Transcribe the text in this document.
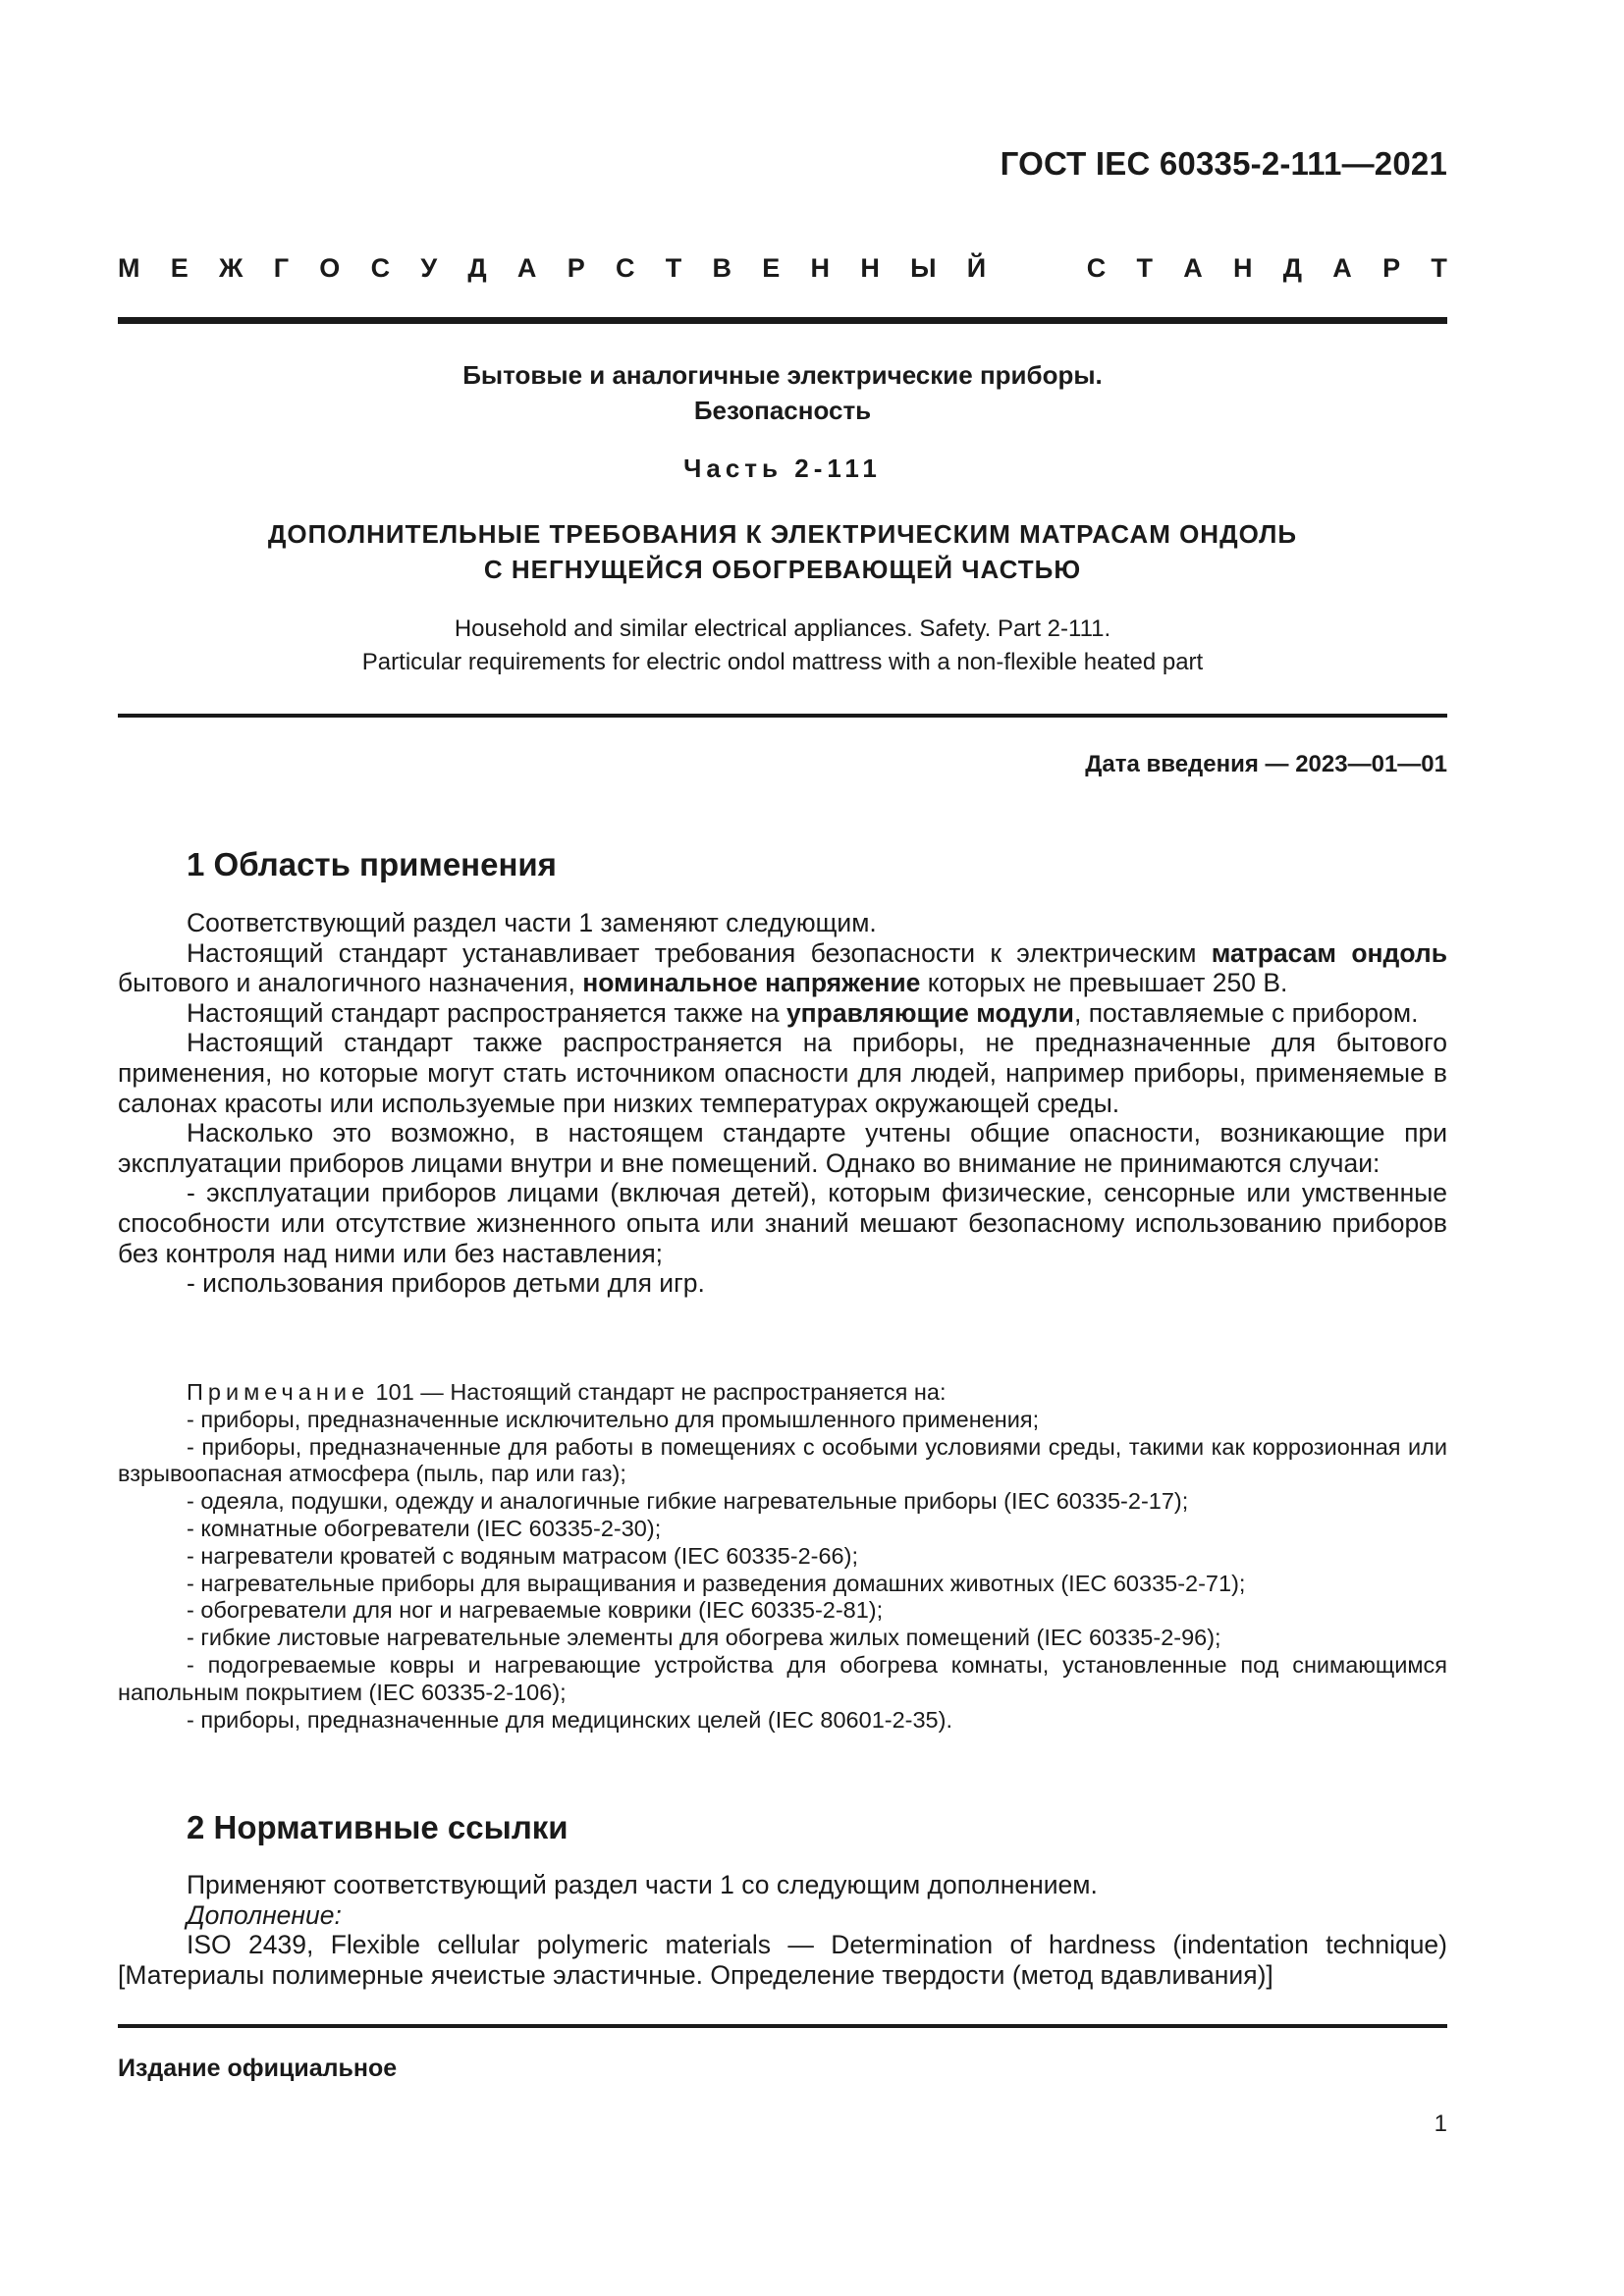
ГОСТ IEC 60335-2-111—2021
М Е Ж Г О С У Д А Р С Т В Е Н Н Ы Й	С Т А Н Д А Р Т
Бытовые и аналогичные электрические приборы.
Безопасность
Часть 2-111
ДОПОЛНИТЕЛЬНЫЕ ТРЕБОВАНИЯ К ЭЛЕКТРИЧЕСКИМ МАТРАСАМ ОНДОЛЬ
С НЕГНУЩЕЙСЯ ОБОГРЕВАЮЩЕЙ ЧАСТЬЮ
Household and similar electrical appliances. Safety. Part 2-111.
Particular requirements for electric ondol mattress with a non-flexible heated part
Дата введения — 2023—01—01
1 Область применения

Соответствующий раздел части 1 заменяют следующим.

Настоящий стандарт устанавливает требования безопасности к электрическим матрасам ондоль бытового и аналогичного назначения, номинальное напряжение которых не превышает 250 В.

Настоящий стандарт распространяется также на управляющие модули, поставляемые с прибором.

Настоящий стандарт также распространяется на приборы, не предназначенные для бытового применения, но которые могут стать источником опасности для людей, например приборы, применяемые в салонах красоты или используемые при низких температурах окружающей среды.

Насколько это возможно, в настоящем стандарте учтены общие опасности, возникающие при эксплуатации приборов лицами внутри и вне помещений. Однако во внимание не принимаются случаи:

- эксплуатации приборов лицами (включая детей), которым физические, сенсорные или умственные способности или отсутствие жизненного опыта или знаний мешают безопасному использованию приборов без контроля над ними или без наставления;

- использования приборов детьми для игр.

Примечание 101 — Настоящий стандарт не распространяется на:

- приборы, предназначенные исключительно для промышленного применения;

- приборы, предназначенные для работы в помещениях с особыми условиями среды, такими как коррозионная или взрывоопасная атмосфера (пыль, пар или газ);

- одеяла, подушки, одежду и аналогичные гибкие нагревательные приборы (IEC 60335-2-17);

- комнатные обогреватели (IEC 60335-2-30);

- нагреватели кроватей с водяным матрасом (IEC 60335-2-66);

- нагревательные приборы для выращивания и разведения домашних животных (IEC 60335-2-71);

- обогреватели для ног и нагреваемые коврики (IEC 60335-2-81);

- гибкие листовые нагревательные элементы для обогрева жилых помещений (IEC 60335-2-96);

- подогреваемые ковры и нагревающие устройства для обогрева комнаты, установленные под снимающимся напольным покрытием (IEC 60335-2-106);

- приборы, предназначенные для медицинских целей (IEC 80601-2-35).

2 Нормативные ссылки

Применяют соответствующий раздел части 1 со следующим дополнением.

Дополнение:

ISO 2439, Flexible cellular polymeric materials — Determination of hardness (indentation technique) [Материалы полимерные ячеистые эластичные. Определение твердости (метод вдавливания)]

Издание официальное
1
